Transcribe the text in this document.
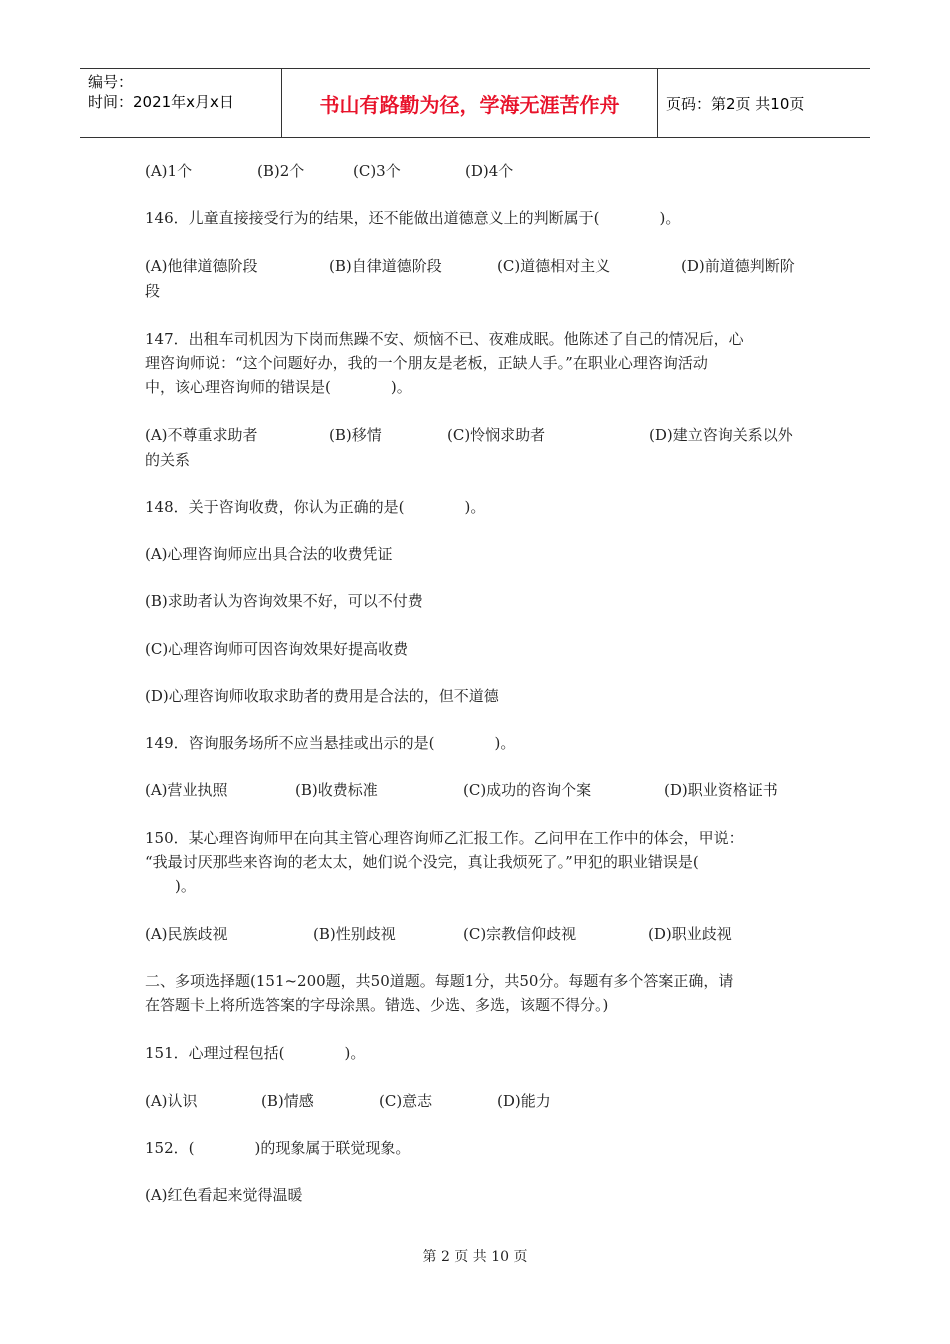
编号：
时间：2021年x月x日	书山有路勤为径，学海无涯苦作舟	页码：第2页 共10页
(A)1个	(B)2个	(C)3个	(D)4个
146．儿童直接接受行为的结果，还不能做出道德意义上的判断属于(　　　　)。
(A)他律道德阶段	(B)自律道德阶段	(C)道德相对主义	(D)前道德判断阶
段
147．出租车司机因为下岗而焦躁不安、烦恼不已、夜难成眠。他陈述了自己的情况后，心
理咨询师说：“这个问题好办，我的一个朋友是老板，正缺人手。”在职业心理咨询活动
中，该心理咨询师的错误是(　　　　)。
(A)不尊重求助者	(B)移情	(C)怜悯求助者	(D)建立咨询关系以外
的关系
148．关于咨询收费，你认为正确的是(　　　　)。
(A)心理咨询师应出具合法的收费凭证
(B)求助者认为咨询效果不好，可以不付费
(C)心理咨询师可因咨询效果好提高收费
(D)心理咨询师收取求助者的费用是合法的，但不道德
149．咨询服务场所不应当悬挂或出示的是(　　　　)。
(A)营业执照	(B)收费标准	(C)成功的咨询个案	(D)职业资格证书
150．某心理咨询师甲在向其主管心理咨询师乙汇报工作。乙问甲在工作中的体会，甲说：
“我最讨厌那些来咨询的老太太，她们说个没完，真让我烦死了。”甲犯的职业错误是(
　　)。
(A)民族歧视	(B)性别歧视	(C)宗教信仰歧视	(D)职业歧视
二、多项选择题(151~200题，共50道题。每题1分，共50分。每题有多个答案正确，请
在答题卡上将所选答案的字母涂黑。错选、少选、多选，该题不得分。)
151．心理过程包括(　　　　)。
(A)认识	(B)情感	(C)意志	(D)能力
152．(　　　　)的现象属于联觉现象。
(A)红色看起来觉得温暖
第 2 页 共 10 页
